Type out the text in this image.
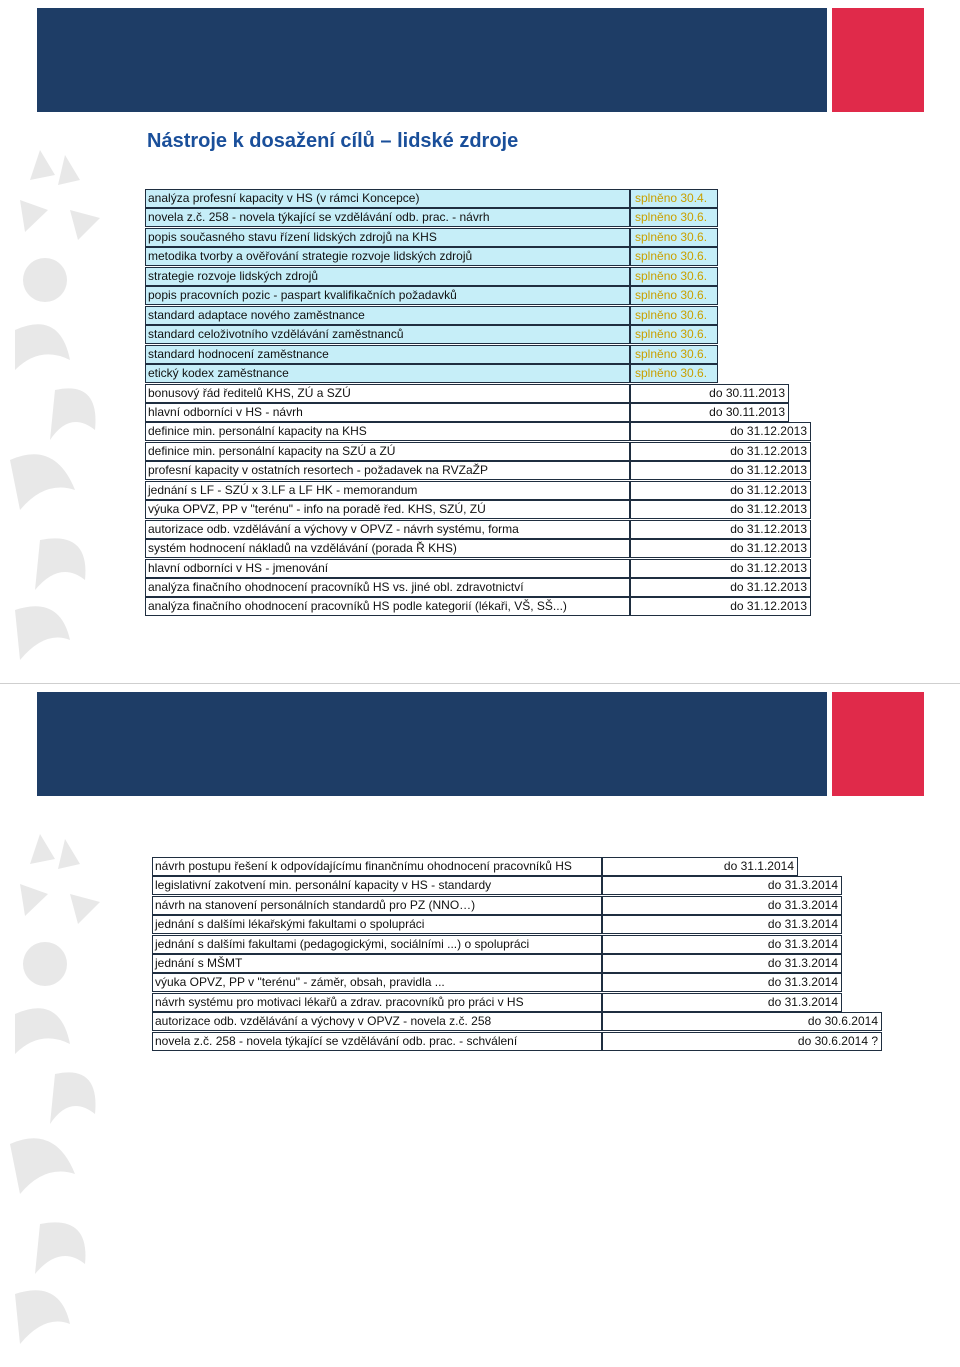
Nástroje k dosažení cílů – lidské zdroje
analýza profesní kapacity v HS (v rámci Koncepce)	splněno 30.4.
novela z.č. 258 - novela týkající se vzdělávání odb. prac. - návrh	splněno 30.6.
popis současného stavu řízení lidských zdrojů na KHS	splněno 30.6.
metodika tvorby a ověřování strategie rozvoje lidských zdrojů	splněno 30.6.
strategie rozvoje lidských zdrojů	splněno 30.6.
popis pracovních pozic - paspart kvalifikačních požadavků	splněno 30.6.
standard adaptace nového zaměstnance	splněno 30.6.
standard celoživotního vzdělávání zaměstnanců	splněno 30.6.
standard hodnocení zaměstnance	splněno 30.6.
etický kodex zaměstnance	splněno 30.6.
bonusový řád ředitelů KHS, ZÚ a SZÚ	do 30.11.2013
hlavní odborníci v HS - návrh	do 30.11.2013
definice min. personální kapacity na KHS	do 31.12.2013
definice min. personální kapacity na SZÚ a ZÚ	do 31.12.2013
profesní kapacity v ostatních resortech - požadavek na RVZaŽP	do 31.12.2013
jednání s LF - SZÚ x 3.LF a LF HK - memorandum	do 31.12.2013
výuka OPVZ, PP v "terénu" - info na poradě řed. KHS, SZÚ, ZÚ	do 31.12.2013
autorizace odb. vzdělávání a výchovy v OPVZ - návrh systému, forma	do 31.12.2013
systém hodnocení nákladů na vzdělávání (porada Ř KHS)	do 31.12.2013
hlavní odborníci v HS - jmenování	do 31.12.2013
analýza finačního ohodnocení pracovníků HS vs. jiné obl. zdravotnictví	do 31.12.2013
analýza finačního ohodnocení pracovníků HS podle kategorií (lékaři, VŠ, SŠ...)	do 31.12.2013
návrh postupu řešení k odpovídajícímu finančnímu ohodnocení pracovníků HS	do 31.1.2014
legislativní zakotvení min. personální kapacity v HS - standardy	do 31.3.2014
návrh na stanovení personálních standardů pro PZ (NNO…)	do 31.3.2014
jednání s dalšími lékařskými fakultami o spolupráci	do 31.3.2014
jednání s dalšími fakultami (pedagogickými, sociálními ...) o spolupráci	do 31.3.2014
jednání s MŠMT	do 31.3.2014
výuka OPVZ, PP v "terénu" - záměr, obsah, pravidla ...	do 31.3.2014
návrh systému pro motivaci lékařů a zdrav. pracovníků pro práci v HS	do 31.3.2014
autorizace odb. vzdělávání a výchovy v OPVZ - novela z.č. 258	do 30.6.2014
novela z.č. 258 - novela týkající se vzdělávání odb. prac. - schválení	do 30.6.2014 ?
